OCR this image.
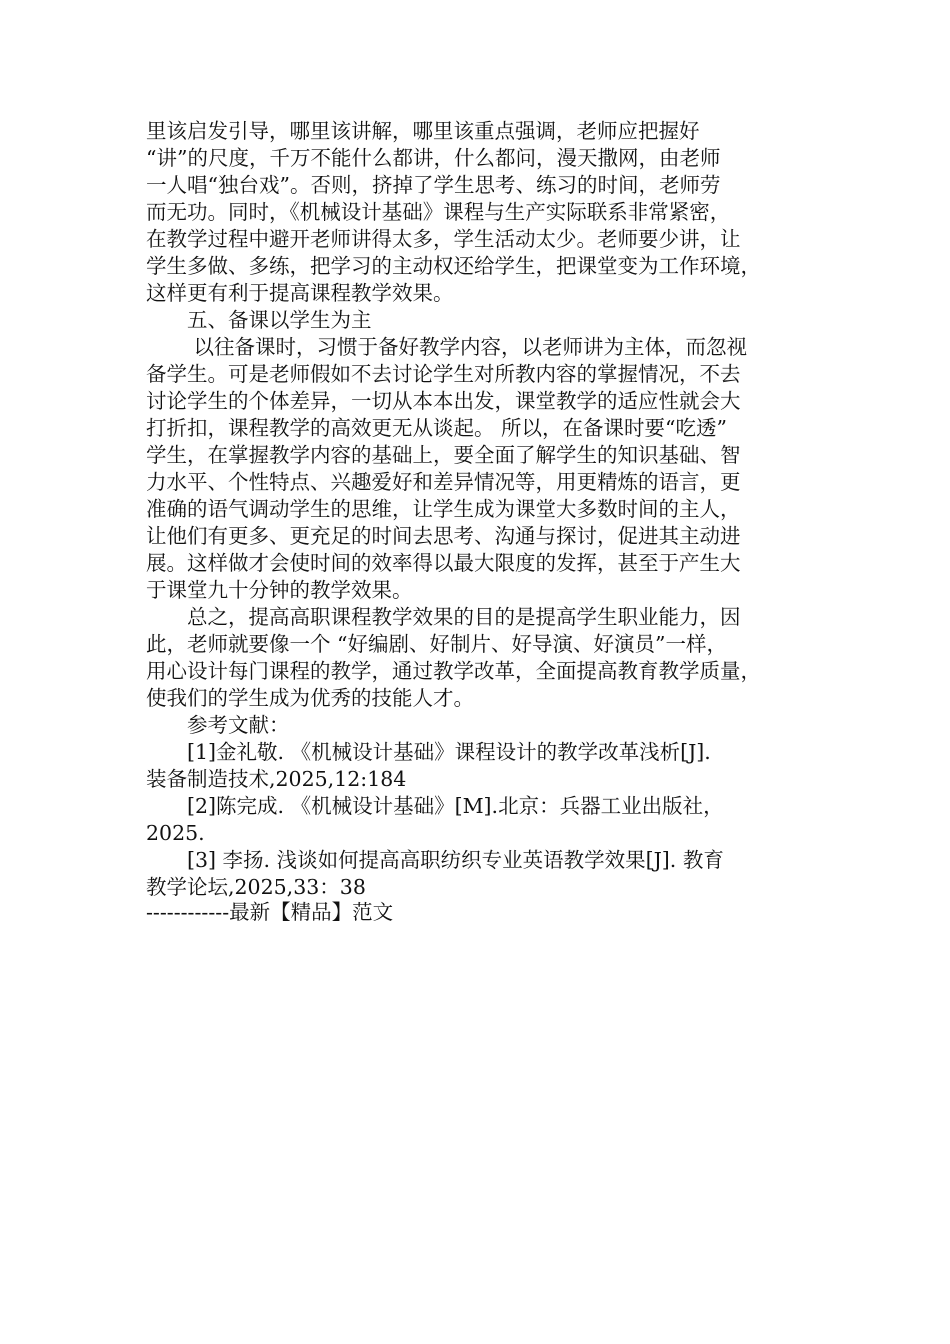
里该启发引导，哪里该讲解，哪里该重点强调，老师应把握好
“讲”的尺度，千万不能什么都讲，什么都问，漫天撒网，由老师
一人唱“独台戏”。否则，挤掉了学生思考、练习的时间，老师劳
而无功。同时，《机械设计基础》课程与生产实际联系非常紧密，
在教学过程中避开老师讲得太多，学生活动太少。老师要少讲，让
学生多做、多练，把学习的主动权还给学生，把课堂变为工作环境，
这样更有利于提高课程教学效果。
　　五、备课以学生为主
　　 以往备课时，习惯于备好教学内容，以老师讲为主体，而忽视
备学生。可是老师假如不去讨论学生对所教内容的掌握情况，不去
讨论学生的个体差异，一切从本本出发，课堂教学的适应性就会大
打折扣，课程教学的高效更无从谈起。 所以，在备课时要“吃透”
学生，在掌握教学内容的基础上，要全面了解学生的知识基础、智
力水平、个性特点、兴趣爱好和差异情况等，用更精炼的语言，更
准确的语气调动学生的思维，让学生成为课堂大多数时间的主人，
让他们有更多、更充足的时间去思考、沟通与探讨，促进其主动进
展。这样做才会使时间的效率得以最大限度的发挥，甚至于产生大
于课堂九十分钟的教学效果。
　　总之，提高高职课程教学效果的目的是提高学生职业能力，因
此，老师就要像一个 “好编剧、好制片、好导演、好演员”一样，
用心设计每门课程的教学，通过教学改革，全面提高教育教学质量，
使我们的学生成为优秀的技能人才。
　　参考文献：
　　[1]金礼敬. 《机械设计基础》课程设计的教学改革浅析[J].
装备制造技术,2025,12:184
　　[2]陈完成. 《机械设计基础》[M].北京：兵器工业出版社，
2025.
　　[3] 李扬. 浅谈如何提高高职纺织专业英语教学效果[J]. 教育
教学论坛,2025,33：38
------------最新【精品】范文
